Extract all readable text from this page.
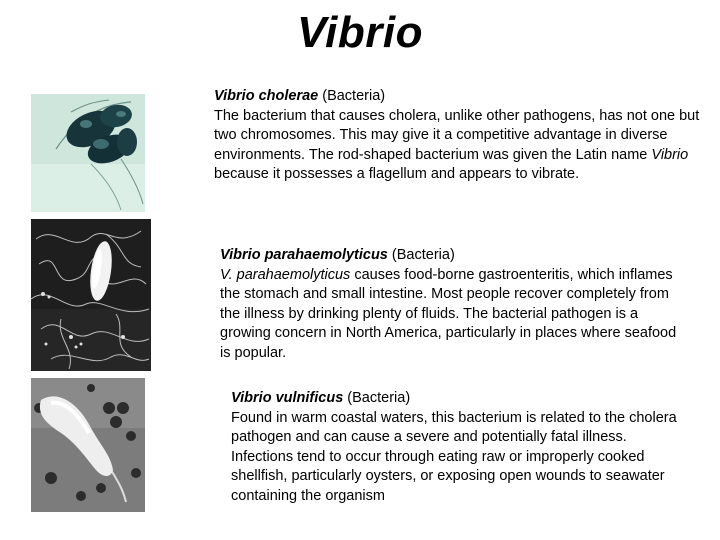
Vibrio
Vibrio cholerae (Bacteria)
The bacterium that causes cholera, unlike other pathogens, has not one but two chromosomes. This may give it a competitive advantage in diverse environments. The rod-shaped bacterium was given the Latin name Vibrio because it possesses a flagellum and appears to vibrate.
Vibrio parahaemolyticus (Bacteria)
V. parahaemolyticus causes food-borne gastroenteritis, which inflames the stomach and small intestine. Most people recover completely from the illness by drinking plenty of fluids. The bacterial pathogen is a growing concern in North America, particularly in places where seafood is popular.
Vibrio vulnificus (Bacteria)
Found in warm coastal waters, this bacterium is related to the cholera pathogen and can cause a severe and potentially fatal illness. Infections tend to occur through eating raw or improperly cooked shellfish, particularly oysters, or exposing open wounds to seawater containing the organism
